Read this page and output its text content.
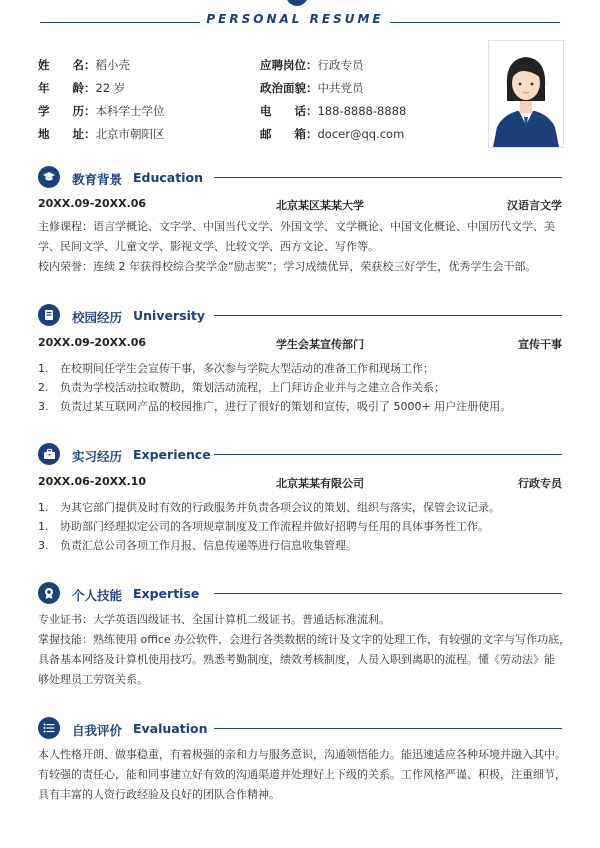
PERSONAL RESUME
姓　　名：稻小壳
年　　龄：22 岁
学　　历：本科学士学位
地　　址：北京市朝阳区
应聘岗位：行政专员
政治面貌：中共党员
电　　话：188-8888-8888
邮　　箱：docer@qq.com
教育背景 Education
20XX.09-20XX.06	北京某区某某大学	汉语言文学
主修课程：语言学概论、文字学、中国当代文学、外国文学、文学概论、中国文化概论、中国历代文学、美
学、民间文学、儿童文学、影视文学、比较文学、西方文论、写作等。
校内荣誉：连续 2 年获得校综合奖学金“励志奖”；学习成绩优异，荣获校三好学生，优秀学生会干部。
校园经历 University
20XX.09-20XX.06	学生会某宣传部门	宣传干事
1. 在校期间任学生会宣传干事，多次参与学院大型活动的准备工作和现场工作；
2. 负责为学校活动拉取赞助，策划活动流程，上门拜访企业并与之建立合作关系；
3. 负责过某互联网产品的校园推广，进行了很好的策划和宣传，吸引了 5000+ 用户注册使用。
实习经历 Experience
20XX.06-20XX.10	北京某某有限公司	行政专员
1. 为其它部门提供及时有效的行政服务并负责各项会议的策划、组织与落实，保管会议记录。
1. 协助部门经理拟定公司的各项规章制度及工作流程并做好招聘与任用的具体事务性工作。
3. 负责汇总公司各项工作月报、信息传递等进行信息收集管理。
个人技能 Expertise
专业证书：大学英语四级证书、全国计算机二级证书。普通话标准流利。
掌握技能：熟练使用 office 办公软件，会进行各类数据的统计及文字的处理工作，有较强的文字与写作功底，
具备基本网络及计算机使用技巧。熟悉考勤制度，绩效考核制度，人员入职到离职的流程。懂《劳动法》能
够处理员工劳资关系。
自我评价 Evaluation
本人性格开朗、做事稳重，有着极强的亲和力与服务意识，沟通领悟能力。能迅速适应各种环境并融入其中。
有较强的责任心，能和同事建立好有效的沟通渠道并处理好上下级的关系。工作风格严谨、积极，注重细节，
具有丰富的人资行政经验及良好的团队合作精神。
